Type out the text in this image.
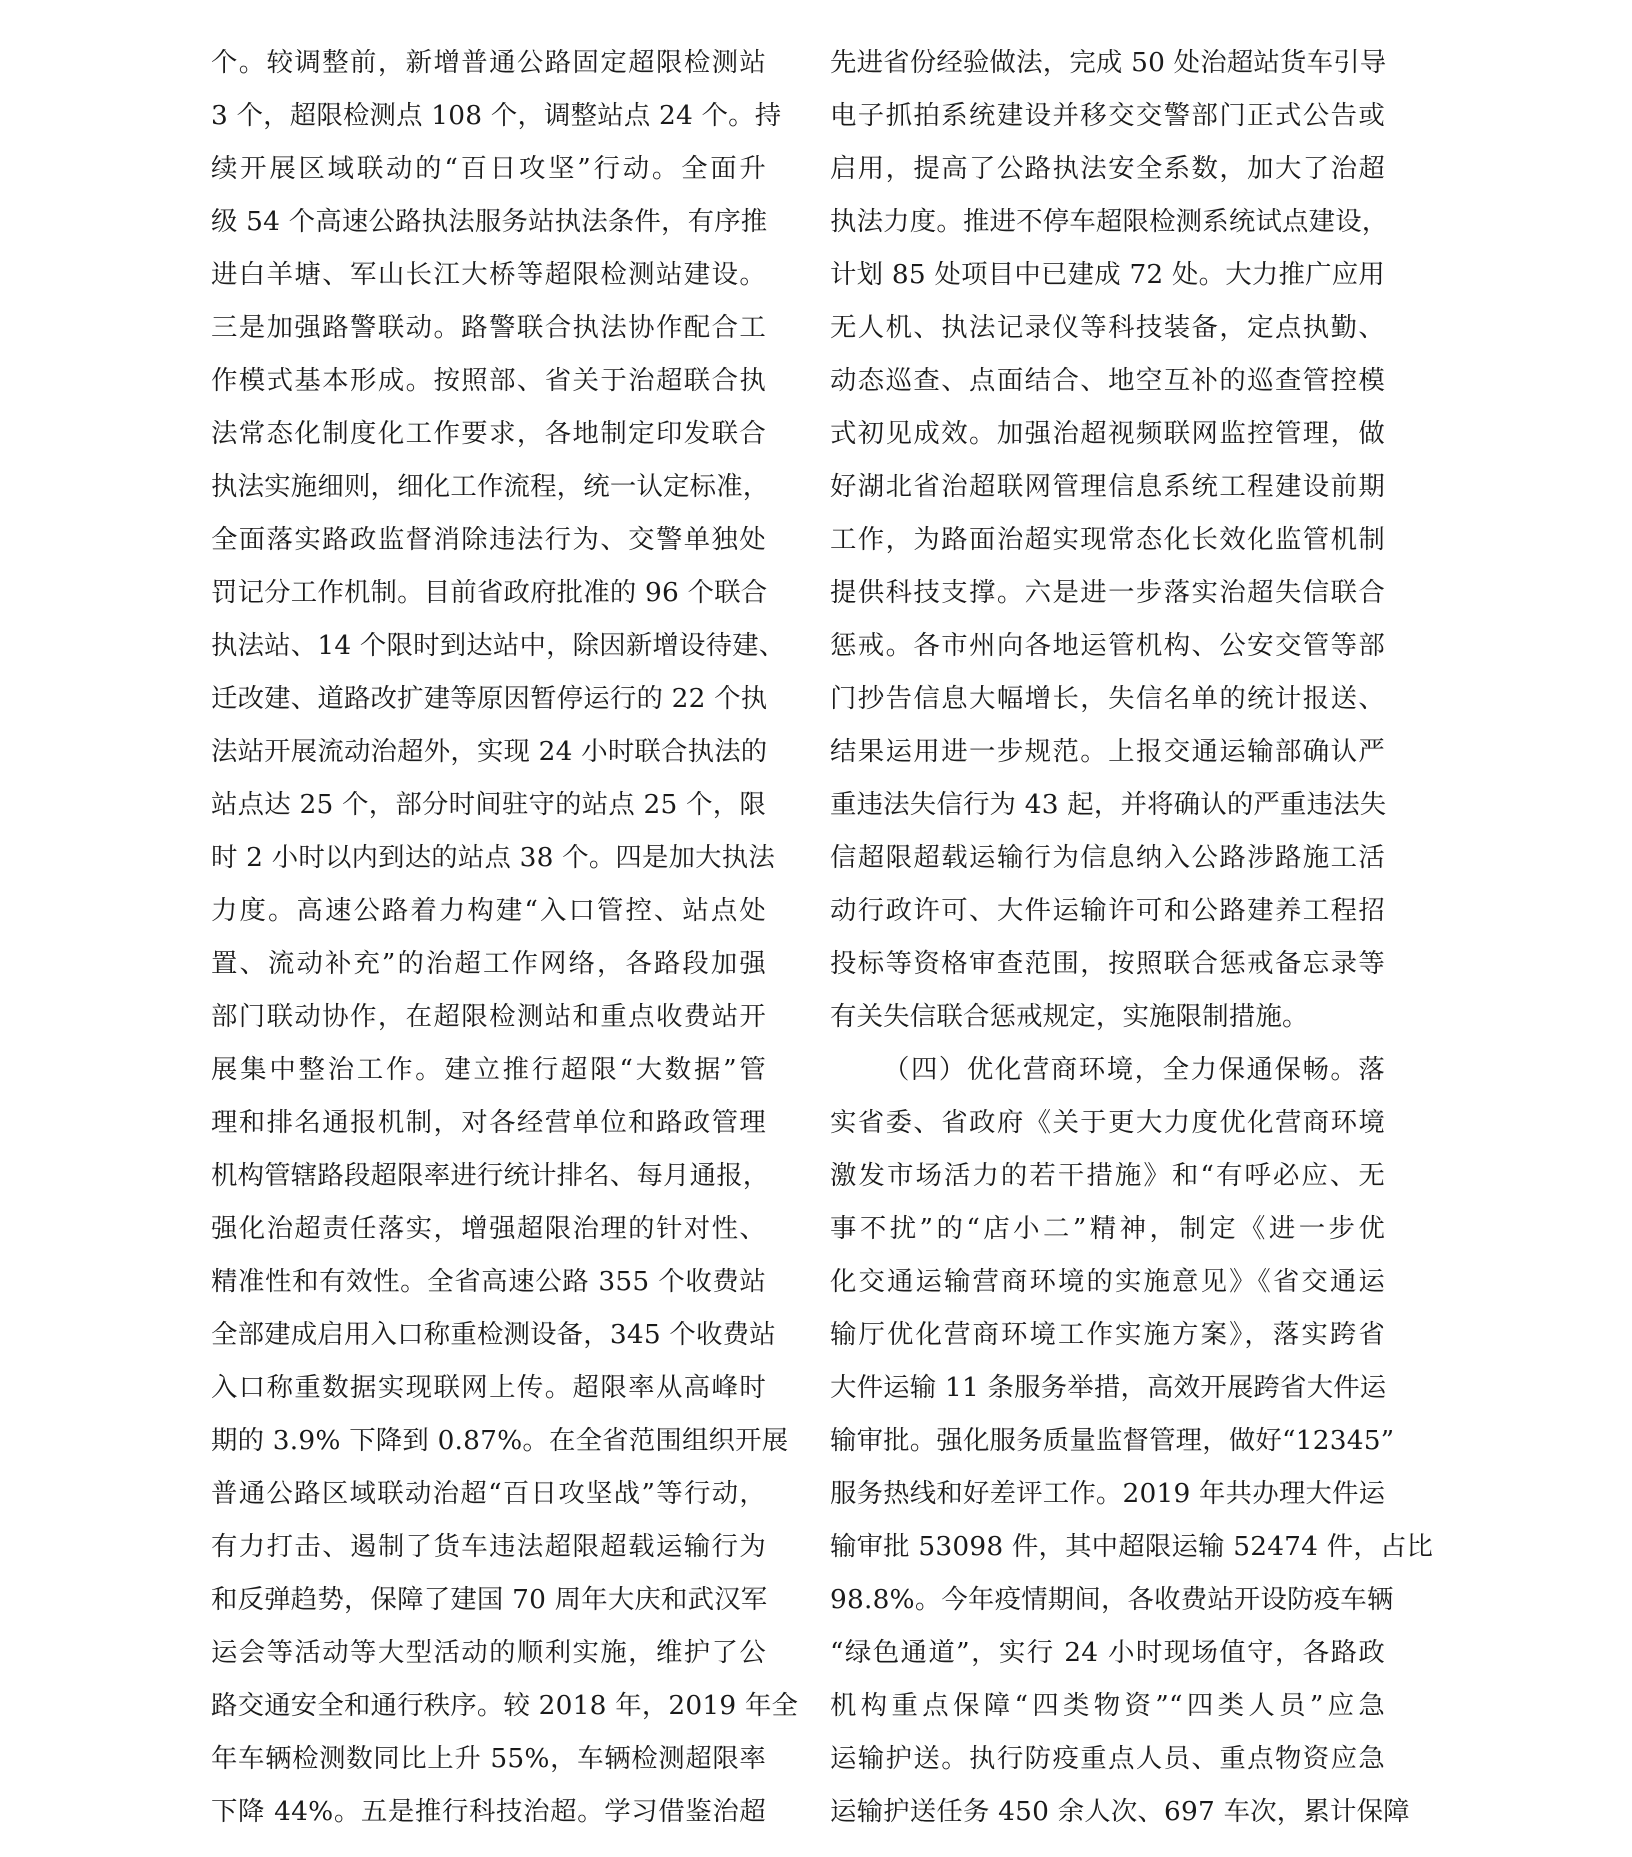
个。较调整前，新增普通公路固定超限检测站
3 个，超限检测点 108 个，调整站点 24 个。持
续开展区域联动的“百日攻坚”行动。全面升
级 54 个高速公路执法服务站执法条件，有序推
进白羊塘、军山长江大桥等超限检测站建设。
三是加强路警联动。路警联合执法协作配合工
作模式基本形成。按照部、省关于治超联合执
法常态化制度化工作要求，各地制定印发联合
执法实施细则，细化工作流程，统一认定标准，
全面落实路政监督消除违法行为、交警单独处
罚记分工作机制。目前省政府批准的 96 个联合
执法站、14 个限时到达站中，除因新增设待建、
迁改建、道路改扩建等原因暂停运行的 22 个执
法站开展流动治超外，实现 24 小时联合执法的
站点达 25 个，部分时间驻守的站点 25 个，限
时 2 小时以内到达的站点 38 个。四是加大执法
力度。高速公路着力构建“入口管控、站点处
置、流动补充”的治超工作网络，各路段加强
部门联动协作，在超限检测站和重点收费站开
展集中整治工作。建立推行超限“大数据”管
理和排名通报机制，对各经营单位和路政管理
机构管辖路段超限率进行统计排名、每月通报，
强化治超责任落实，增强超限治理的针对性、
精准性和有效性。全省高速公路 355 个收费站
全部建成启用入口称重检测设备，345 个收费站
入口称重数据实现联网上传。超限率从高峰时
期的 3.9% 下降到 0.87%。在全省范围组织开展
普通公路区域联动治超“百日攻坚战”等行动，
有力打击、遏制了货车违法超限超载运输行为
和反弹趋势，保障了建国 70 周年大庆和武汉军
运会等活动等大型活动的顺利实施，维护了公
路交通安全和通行秩序。较 2018 年，2019 年全
年车辆检测数同比上升 55%，车辆检测超限率
下降 44%。五是推行科技治超。学习借鉴治超
先进省份经验做法，完成 50 处治超站货车引导
电子抓拍系统建设并移交交警部门正式公告或
启用，提高了公路执法安全系数，加大了治超
执法力度。推进不停车超限检测系统试点建设，
计划 85 处项目中已建成 72 处。大力推广应用
无人机、执法记录仪等科技装备，定点执勤、
动态巡查、点面结合、地空互补的巡查管控模
式初见成效。加强治超视频联网监控管理，做
好湖北省治超联网管理信息系统工程建设前期
工作，为路面治超实现常态化长效化监管机制
提供科技支撑。六是进一步落实治超失信联合
惩戒。各市州向各地运管机构、公安交管等部
门抄告信息大幅增长，失信名单的统计报送、
结果运用进一步规范。上报交通运输部确认严
重违法失信行为 43 起，并将确认的严重违法失
信超限超载运输行为信息纳入公路涉路施工活
动行政许可、大件运输许可和公路建养工程招
投标等资格审查范围，按照联合惩戒备忘录等
有关失信联合惩戒规定，实施限制措施。
（四）优化营商环境，全力保通保畅。落
实省委、省政府《关于更大力度优化营商环境
激发市场活力的若干措施》和“有呼必应、无
事不扰”的“店小二”精神，制定《进一步优
化交通运输营商环境的实施意见》《省交通运
输厅优化营商环境工作实施方案》，落实跨省
大件运输 11 条服务举措，高效开展跨省大件运
输审批。强化服务质量监督管理，做好“12345”
服务热线和好差评工作。2019 年共办理大件运
输审批 53098 件，其中超限运输 52474 件，占比
98.8%。今年疫情期间，各收费站开设防疫车辆
“绿色通道”，实行 24 小时现场值守，各路政
机构重点保障“四类物资”“四类人员”应急
运输护送。执行防疫重点人员、重点物资应急
运输护送任务 450 余人次、697 车次，累计保障
